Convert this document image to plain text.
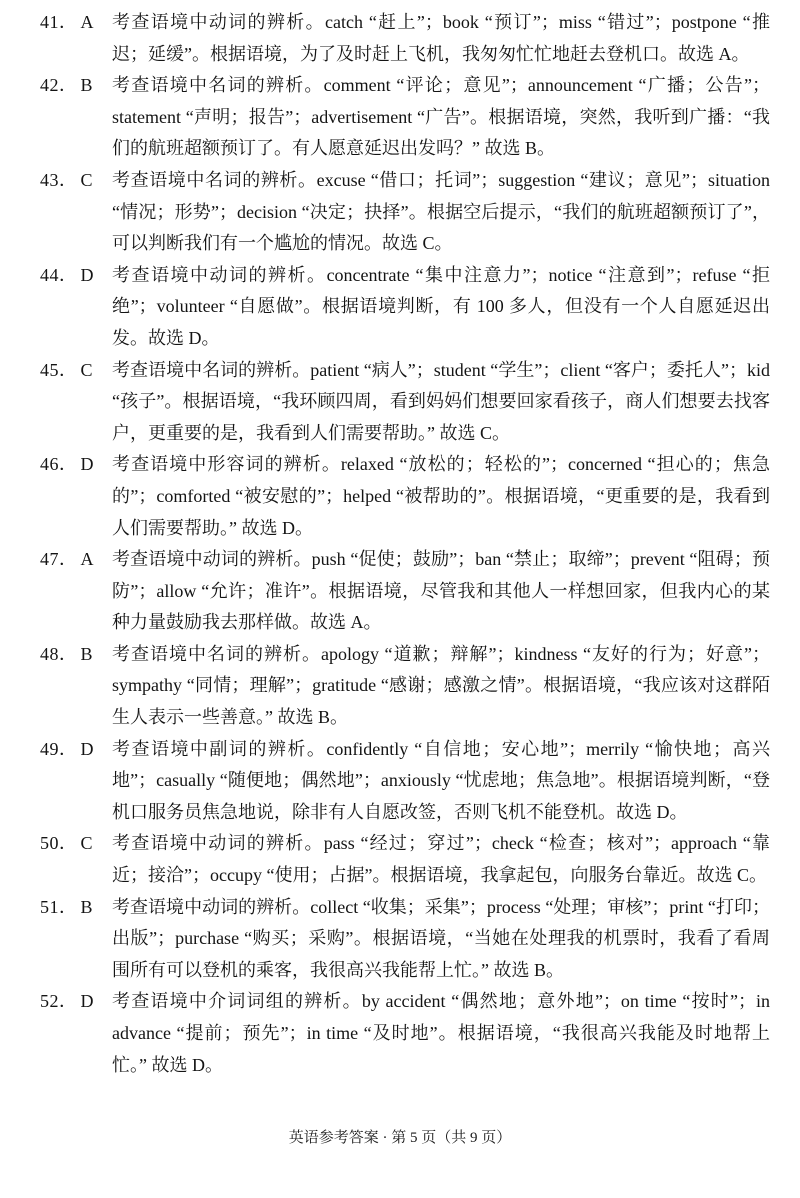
41． A	考查语境中动词的辨析。catch “赶上”；book “预订”；miss “错过”；postpone “推迟；延缓”。根据语境，为了及时赶上飞机，我匆匆忙忙地赶去登机口。故选 A。
42． B	考查语境中名词的辨析。comment “评论；意见”；announcement “广播；公告”；statement “声明；报告”；advertisement “广告”。根据语境，突然，我听到广播：“我们的航班超额预订了。有人愿意延迟出发吗？” 故选 B。
43． C	考查语境中名词的辨析。excuse “借口；托词”；suggestion “建议；意见”；situation “情况；形势”；decision “决定；抉择”。根据空后提示，“我们的航班超额预订了”，可以判断我们有一个尴尬的情况。故选 C。
44． D	考查语境中动词的辨析。concentrate “集中注意力”；notice “注意到”；refuse “拒绝”；volunteer “自愿做”。根据语境判断，有 100 多人，但没有一个人自愿延迟出发。故选 D。
45． C	考查语境中名词的辨析。patient “病人”；student “学生”；client “客户；委托人”；kid “孩子”。根据语境，“我环顾四周，看到妈妈们想要回家看孩子，商人们想要去找客户，更重要的是，我看到人们需要帮助。” 故选 C。
46． D	考查语境中形容词的辨析。relaxed “放松的；轻松的”；concerned “担心的；焦急的”；comforted “被安慰的”；helped “被帮助的”。根据语境，“更重要的是，我看到人们需要帮助。” 故选 D。
47． A	考查语境中动词的辨析。push “促使；鼓励”；ban “禁止；取缔”；prevent “阻碍；预防”；allow “允许；准许”。根据语境，尽管我和其他人一样想回家，但我内心的某种力量鼓励我去那样做。故选 A。
48． B	考查语境中名词的辨析。apology “道歉；辩解”；kindness “友好的行为；好意”；sympathy “同情；理解”；gratitude “感谢；感激之情”。根据语境，“我应该对这群陌生人表示一些善意。” 故选 B。
49． D	考查语境中副词的辨析。confidently “自信地；安心地”；merrily “愉快地；高兴地”；casually “随便地；偶然地”；anxiously “忧虑地；焦急地”。根据语境判断，“登机口服务员焦急地说，除非有人自愿改签，否则飞机不能登机。故选 D。
50． C	考查语境中动词的辨析。pass “经过；穿过”；check “检查；核对”；approach “靠近；接洽”；occupy “使用；占据”。根据语境，我拿起包，向服务台靠近。故选 C。
51． B	考查语境中动词的辨析。collect “收集；采集”；process “处理；审核”；print “打印；出版”；purchase “购买；采购”。根据语境，“当她在处理我的机票时，我看了看周围所有可以登机的乘客，我很高兴我能帮上忙。” 故选 B。
52． D	考查语境中介词词组的辨析。by accident “偶然地；意外地”；on time “按时”；in advance “提前；预先”；in time “及时地”。根据语境，“我很高兴我能及时地帮上忙。” 故选 D。
英语参考答案 · 第 5 页（共 9 页）
